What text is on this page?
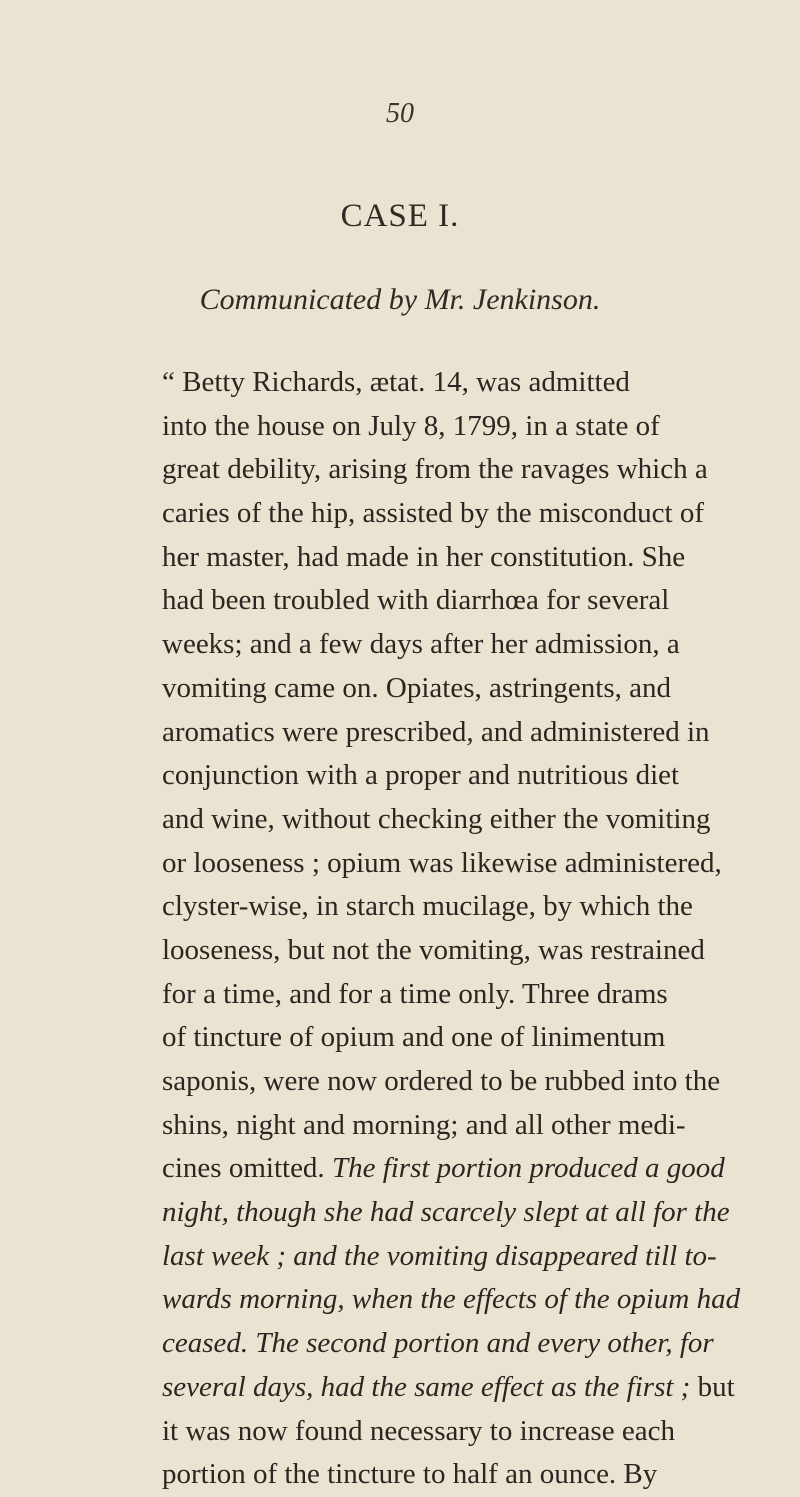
50
CASE I.
Communicated by Mr. Jenkinson.
“ Betty Richards, ætat. 14, was admitted
into the house on July 8, 1799, in a state of
great debility, arising from the ravages which a
caries of the hip, assisted by the misconduct of
her master, had made in her constitution. She
had been troubled with diarrhœa for several
weeks; and a few days after her admission, a
vomiting came on. Opiates, astringents, and
aromatics were prescribed, and administered in
conjunction with a proper and nutritious diet
and wine, without checking either the vomiting
or looseness ; opium was likewise administered,
clyster-wise, in starch mucilage, by which the
looseness, but not the vomiting, was restrained
for a time, and for a time only. Three drams
of tincture of opium and one of linimentum
saponis, were now ordered to be rubbed into the
shins, night and morning; and all other medi-
cines omitted. The first portion produced a good
night, though she had scarcely slept at all for the
last week ; and the vomiting disappeared till to-
wards morning, when the effects of the opium had
ceased. The second portion and every other, for
several days, had the same effect as the first ; but
it was now found necessary to increase each
portion of the tincture to half an ounce. By
